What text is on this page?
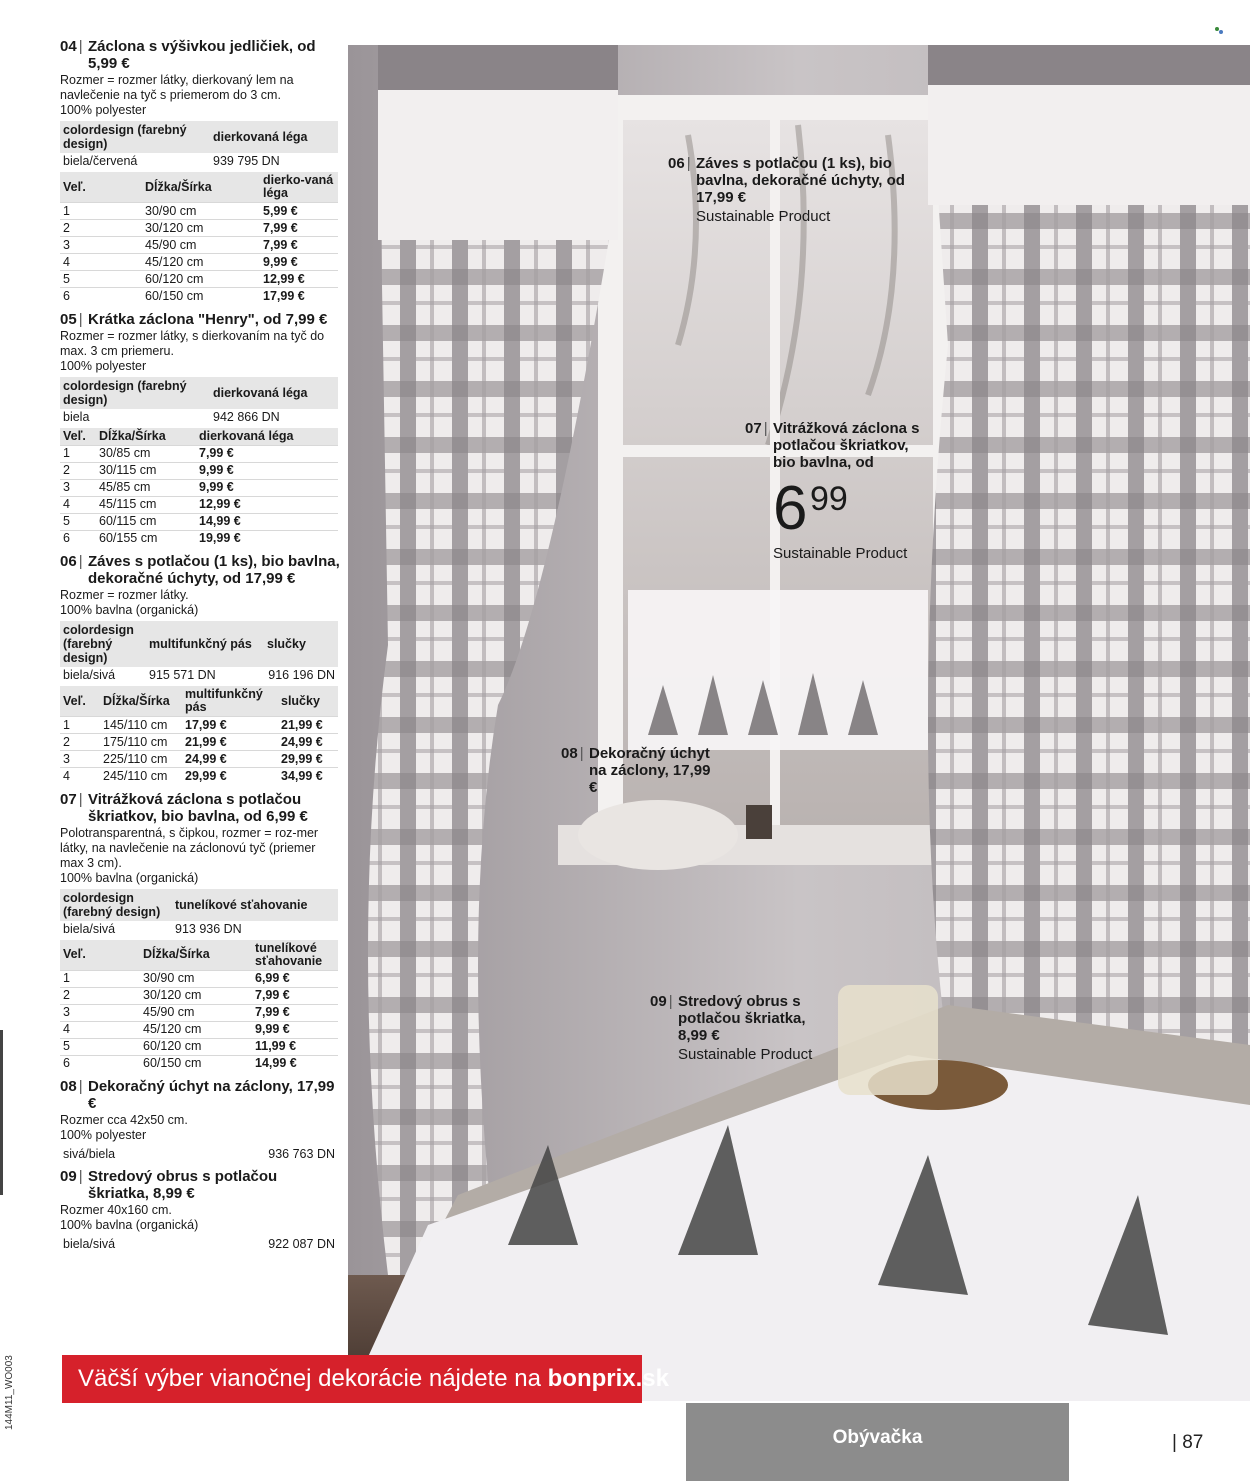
04 | Záclona s výšivkou jedličiek, od 5,99 €

Rozmer = rozmer látky, dierkovaný lem na navlečenie na tyč s priemerom do 3 cm.

100% polyester

colordesign (farebný design)	dierkovaná léga
biela/červená	939 795 DN
Veľ.	Dĺžka/Šírka	dierko-vaná léga
1	30/90 cm	5,99 €
2	30/120 cm	7,99 €
3	45/90 cm	7,99 €
4	45/120 cm	9,99 €
5	60/120 cm	12,99 €
6	60/150 cm	17,99 €
05 | Krátka záclona "Henry", od 7,99 €

Rozmer = rozmer látky, s dierkovaním na tyč do max. 3 cm priemeru.

100% polyester

colordesign (farebný design)	dierkovaná léga
biela	942 866 DN
Veľ.	Dĺžka/Šírka	dierkovaná léga
1	30/85 cm	7,99 €
2	30/115 cm	9,99 €
3	45/85 cm	9,99 €
4	45/115 cm	12,99 €
5	60/115 cm	14,99 €
6	60/155 cm	19,99 €
06 | Záves s potlačou (1 ks), bio bavlna, dekoračné úchyty, od 17,99 €

Rozmer = rozmer látky.

100% bavlna (organická)

colordesign (farebný design)	multifunkčný pás	slučky
biela/sivá	915 571 DN	916 196 DN
Veľ.	Dĺžka/Šírka	multifunkčný pás	slučky
1	145/110 cm	17,99 €	21,99 €
2	175/110 cm	21,99 €	24,99 €
3	225/110 cm	24,99 €	29,99 €
4	245/110 cm	29,99 €	34,99 €
07 | Vitrážková záclona s potlačou škriatkov, bio bavlna, od 6,99 €

Polotransparentná, s čipkou, rozmer = roz-mer látky, na navlečenie na záclonovú tyč (priemer max 3 cm).

100% bavlna (organická)

colordesign (farebný design)	tunelíkové sťahovanie
biela/sivá	913 936 DN
Veľ.	Dĺžka/Šírka	tunelíkové sťahovanie
1	30/90 cm	6,99 €
2	30/120 cm	7,99 €
3	45/90 cm	7,99 €
4	45/120 cm	9,99 €
5	60/120 cm	11,99 €
6	60/150 cm	14,99 €
08 | Dekoračný úchyt na záclony, 17,99 €

Rozmer cca 42x50 cm.

100% polyester

sivá/biela	936 763 DN
09 | Stredový obrus s potlačou škriatka, 8,99 €

Rozmer 40x160 cm.

100% bavlna (organická)

biela/sivá	922 087 DN
06 | Záves s potlačou (1 ks), bio bavlna, dekoračné úchyty, od 17,99 €
Sustainable Product
07 | Vitrážková záclona s potlačou škriatkov, bio bavlna, od
Sustainable Product
08 | Dekoračný úchyt na záclony, 17,99 €
09 | Stredový obrus s potlačou škriatka, 8,99 €
Sustainable Product
6 99
Väčší výber vianočnej dekorácie nájdete na bonprix.sk
Obývačka	| 87
144M11_WO003
